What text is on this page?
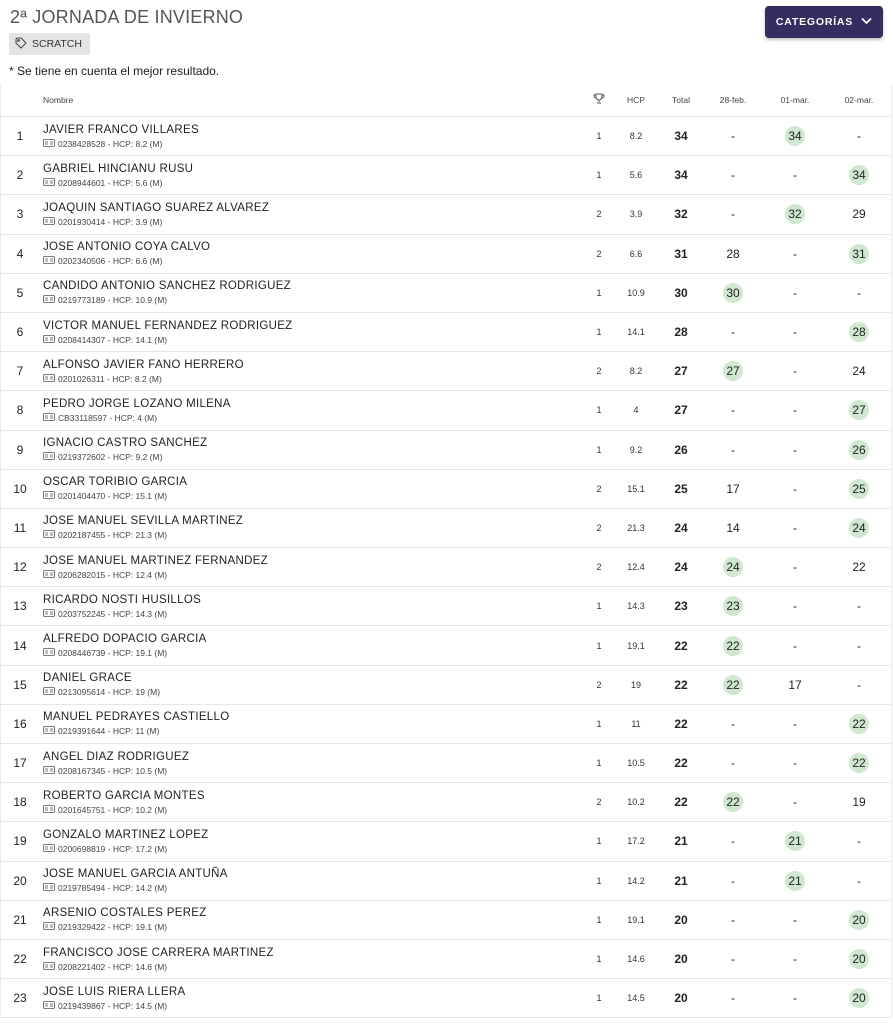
2ª JORNADA DE INVIERNO
SCRATCH
CATEGORÍAS
* Se tiene en cuenta el mejor resultado.
Nombre	HCP	Total	28-feb.	01-mar.	02-mar.
1	JAVIER FRANCO VILLARES
0238428528 - HCP: 8.2 (M)
1	8.2	34	-	34	-
2	GABRIEL HINCIANU RUSU
0208944601 - HCP: 5.6 (M)
1	5.6	34	-	-	34
3	JOAQUIN SANTIAGO SUAREZ ALVAREZ
0201930414 - HCP: 3.9 (M)
2	3.9	32	-	32	29
4	JOSE ANTONIO COYA CALVO
0202340506 - HCP: 6.6 (M)
2	6.6	31	28	-	31
5	CANDIDO ANTONIO SANCHEZ RODRIGUEZ
0219773189 - HCP: 10.9 (M)
1	10.9	30	30	-	-
6	VICTOR MANUEL FERNANDEZ RODRIGUEZ
0208414307 - HCP: 14.1 (M)
1	14.1	28	-	-	28
7	ALFONSO JAVIER FANO HERRERO
0201026311 - HCP: 8.2 (M)
2	8.2	27	27	-	24
8	PEDRO JORGE LOZANO MILENA
CB33118597 - HCP: 4 (M)
1	4	27	-	-	27
9	IGNACIO CASTRO SANCHEZ
0219372602 - HCP: 9.2 (M)
1	9.2	26	-	-	26
10	OSCAR TORIBIO GARCIA
0201404470 - HCP: 15.1 (M)
2	15.1	25	17	-	25
11	JOSE MANUEL SEVILLA MARTINEZ
0202187455 - HCP: 21.3 (M)
2	21.3	24	14	-	24
12	JOSE MANUEL MARTINEZ FERNANDEZ
0206282015 - HCP: 12.4 (M)
2	12.4	24	24	-	22
13	RICARDO NOSTI HUSILLOS
0203752245 - HCP: 14.3 (M)
1	14.3	23	23	-	-
14	ALFREDO DOPACIO GARCIA
0208446739 - HCP: 19.1 (M)
1	19.1	22	22	-	-
15	DANIEL GRACE
0213095614 - HCP: 19 (M)
2	19	22	22	17	-
16	MANUEL PEDRAYES CASTIELLO
0219391644 - HCP: 11 (M)
1	11	22	-	-	22
17	ANGEL DIAZ RODRIGUEZ
0208167345 - HCP: 10.5 (M)
1	10.5	22	-	-	22
18	ROBERTO GARCIA MONTES
0201645751 - HCP: 10.2 (M)
2	10.2	22	22	-	19
19	GONZALO MARTINEZ LOPEZ
0200698819 - HCP: 17.2 (M)
1	17.2	21	-	21	-
20	JOSE MANUEL GARCIA ANTUÑA
0219785494 - HCP: 14.2 (M)
1	14.2	21	-	21	-
21	ARSENIO COSTALES PEREZ
0219329422 - HCP: 19.1 (M)
1	19.1	20	-	-	20
22	FRANCISCO JOSE CARRERA MARTINEZ
0208221402 - HCP: 14.6 (M)
1	14.6	20	-	-	20
23	JOSE LUIS RIERA LLERA
0219439867 - HCP: 14.5 (M)
1	14.5	20	-	-	20
